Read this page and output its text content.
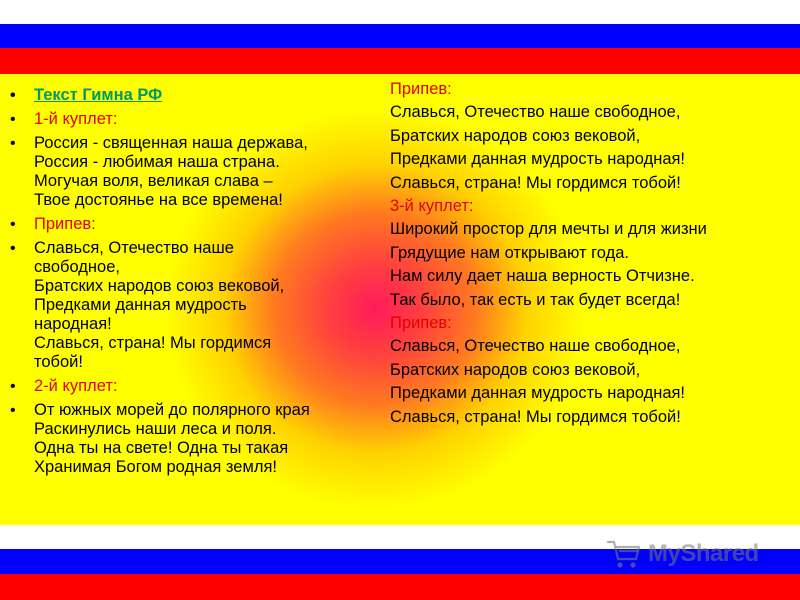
• Текст Гимна РФ
• 1-й куплет:
• Россия - священная наша держава,
Россия - любимая наша страна.
Могучая воля, великая слава –
Твое достоянье на все времена!
• Припев:
• Славься, Отечество наше
свободное,
Братских народов союз вековой,
Предками данная мудрость
народная!
Славься, страна! Мы гордимся
тобой!
• 2-й куплет:
• От южных морей до полярного края
Раскинулись наши леса и поля.
Одна ты на свете! Одна ты такая
Хранимая Богом родная земля!
Припев:
Славься, Отечество наше свободное,
Братских народов союз вековой,
Предками данная мудрость народная!
Славься, страна! Мы гордимся тобой!
3-й куплет:
Широкий простор для мечты и для жизни
Грядущие нам открывают года.
Нам силу дает наша верность Отчизне.
Так было, так есть и так будет всегда!
Припев:
Славься, Отечество наше свободное,
Братских народов союз вековой,
Предками данная мудрость народная!
Славься, страна! Мы гордимся тобой!
MyShared
